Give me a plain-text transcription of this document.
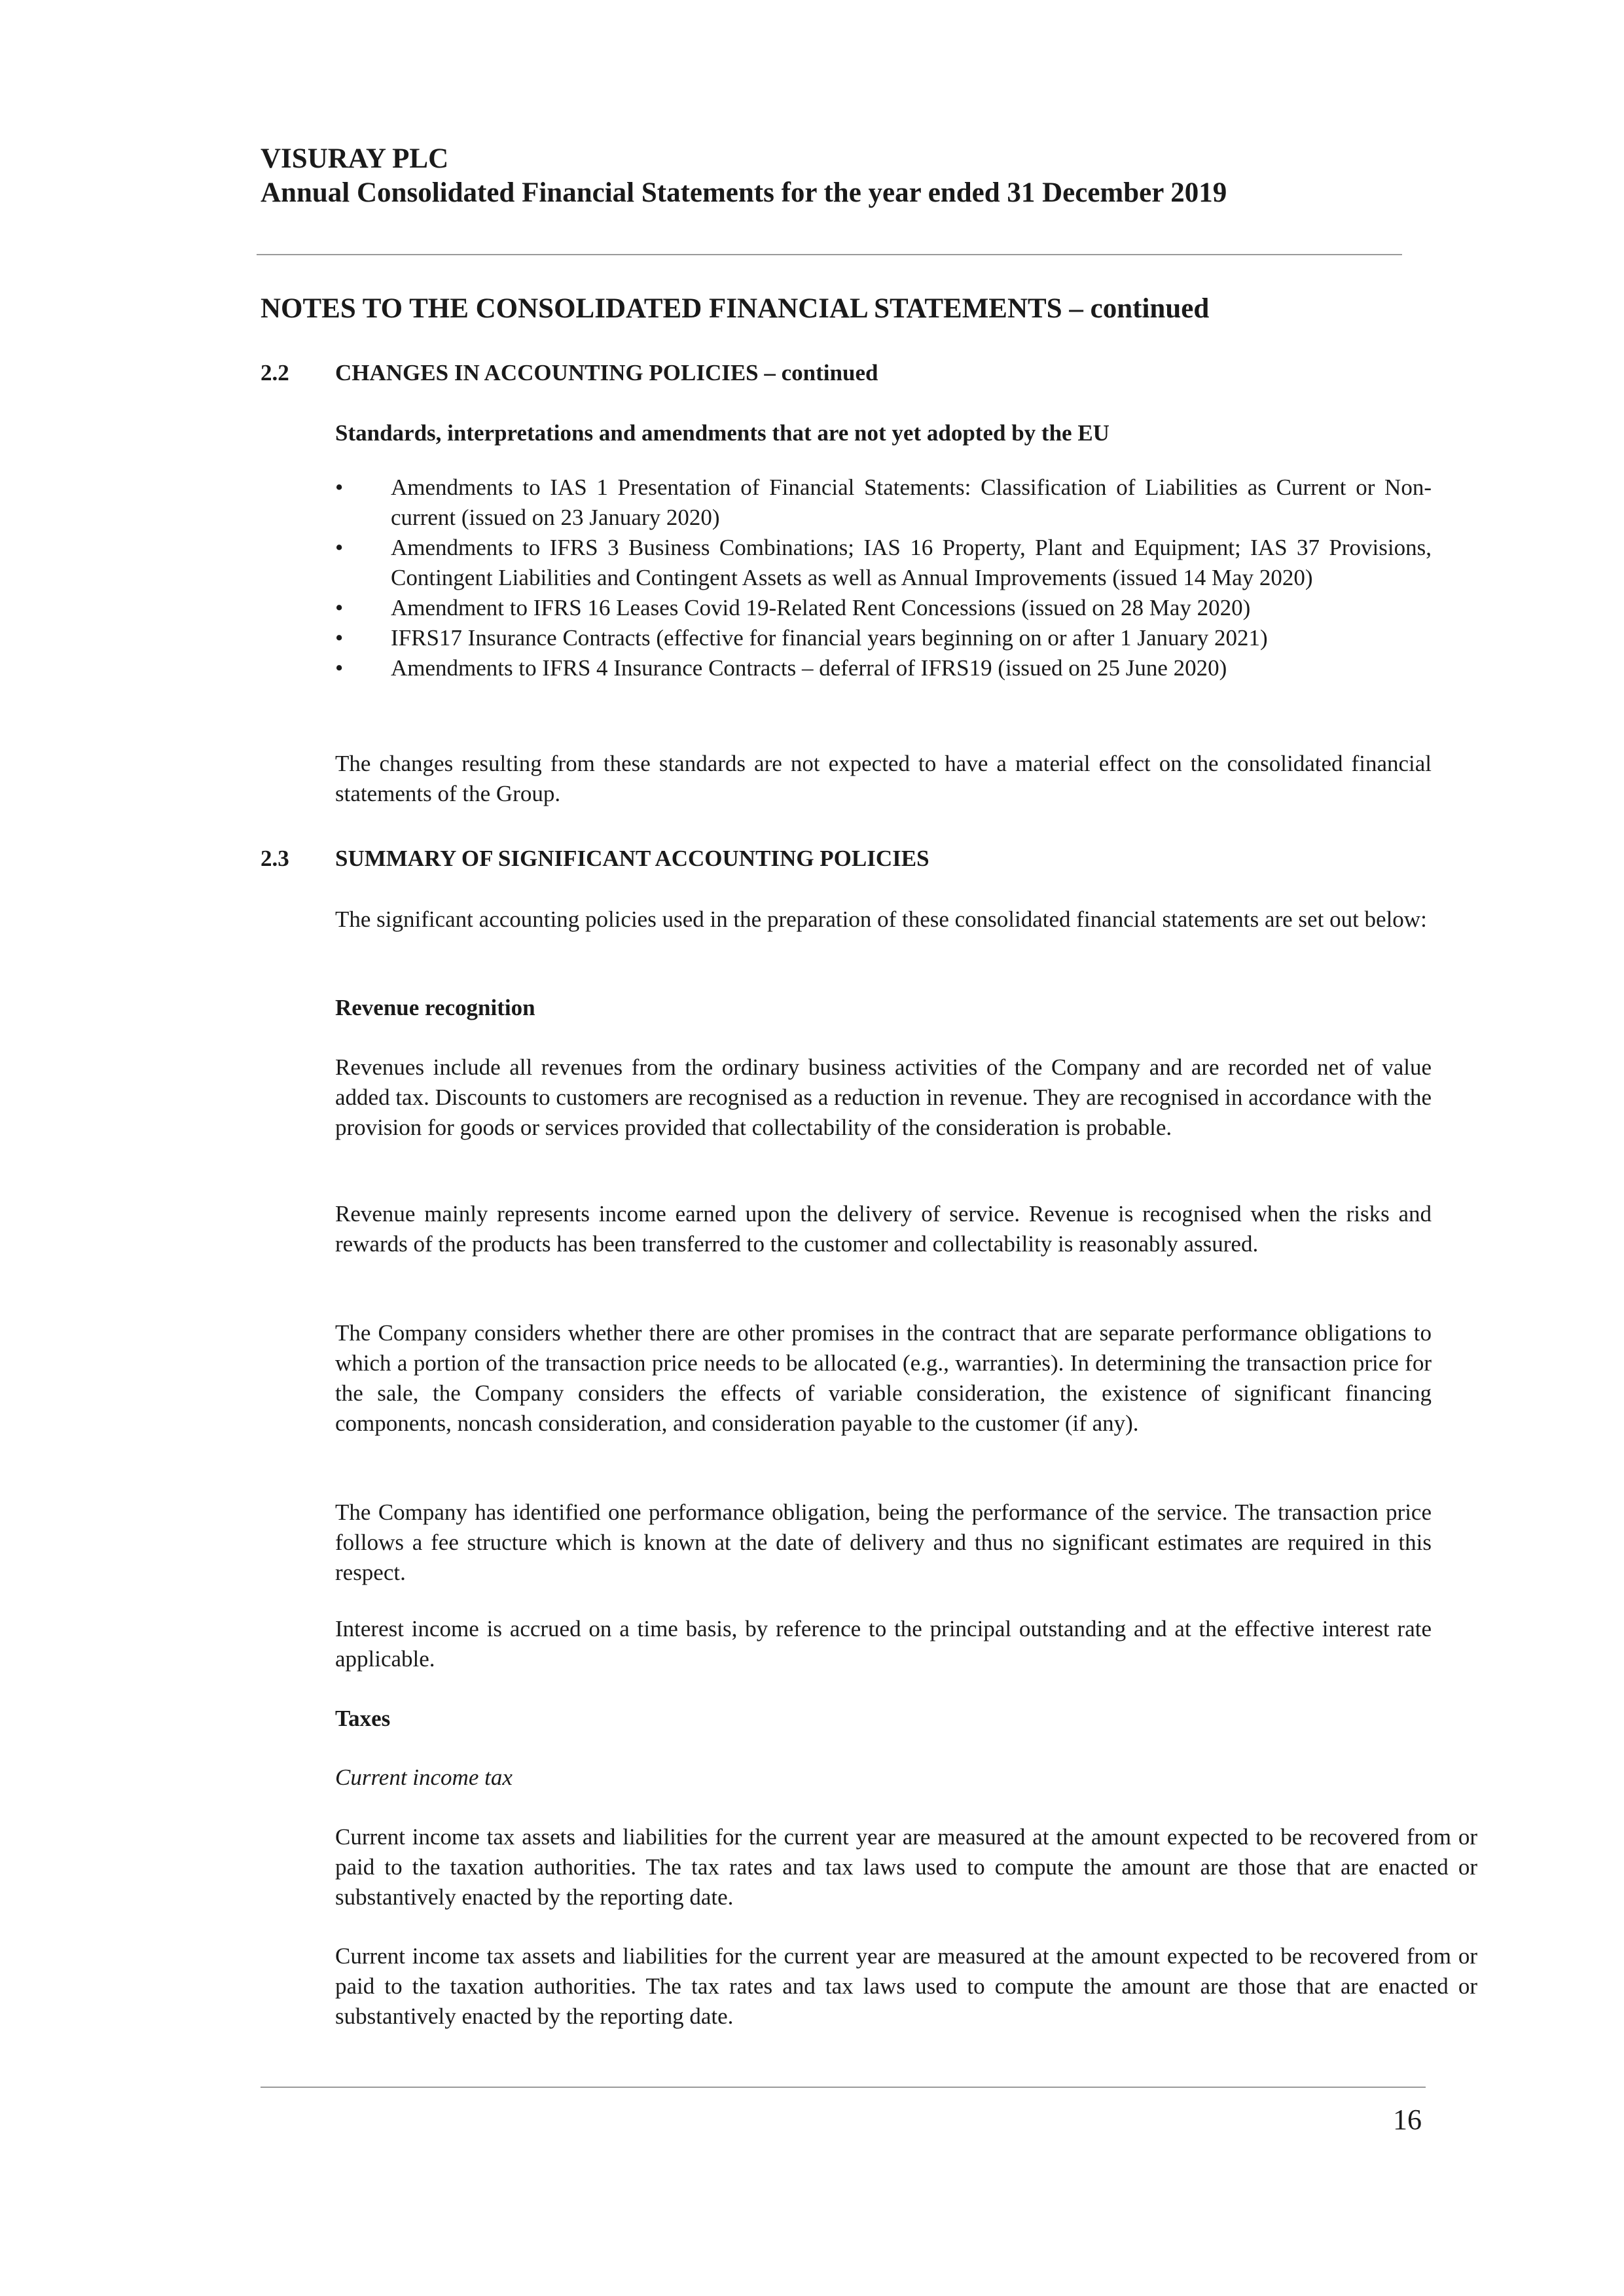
VISURAY PLC
Annual Consolidated Financial Statements for the year ended 31 December 2019
NOTES TO THE CONSOLIDATED FINANCIAL STATEMENTS – continued
2.2 CHANGES IN ACCOUNTING POLICIES – continued

Standards, interpretations and amendments that are not yet adopted by the EU

• Amendments to IAS 1 Presentation of Financial Statements: Classification of Liabilities as Current or Non-current (issued on 23 January 2020)
• Amendments to IFRS 3 Business Combinations; IAS 16 Property, Plant and Equipment; IAS 37 Provisions, Contingent Liabilities and Contingent Assets as well as Annual Improvements (issued 14 May 2020)
• Amendment to IFRS 16 Leases Covid 19-Related Rent Concessions (issued on 28 May 2020)
• IFRS17 Insurance Contracts (effective for financial years beginning on or after 1 January 2021)
• Amendments to IFRS 4 Insurance Contracts – deferral of IFRS19 (issued on 25 June 2020)

The changes resulting from these standards are not expected to have a material effect on the consolidated financial statements of the Group.

2.3 SUMMARY OF SIGNIFICANT ACCOUNTING POLICIES

The significant accounting policies used in the preparation of these consolidated financial statements are set out below:

Revenue recognition

Revenues include all revenues from the ordinary business activities of the Company and are recorded net of value added tax. Discounts to customers are recognised as a reduction in revenue. They are recognised in accordance with the provision for goods or services provided that collectability of the consideration is probable.

Revenue mainly represents income earned upon the delivery of service. Revenue is recognised when the risks and rewards of the products has been transferred to the customer and collectability is reasonably assured.

The Company considers whether there are other promises in the contract that are separate performance obligations to which a portion of the transaction price needs to be allocated (e.g., warranties). In determining the transaction price for the sale, the Company considers the effects of variable consideration, the existence of significant financing components, noncash consideration, and consideration payable to the customer (if any).

The Company has identified one performance obligation, being the performance of the service. The transaction price follows a fee structure which is known at the date of delivery and thus no significant estimates are required in this respect.

Interest income is accrued on a time basis, by reference to the principal outstanding and at the effective interest rate applicable.

Taxes

Current income tax

Current income tax assets and liabilities for the current year are measured at the amount expected to be recovered from or paid to the taxation authorities. The tax rates and tax laws used to compute the amount are those that are enacted or substantively enacted by the reporting date.

Current income tax assets and liabilities for the current year are measured at the amount expected to be recovered from or paid to the taxation authorities. The tax rates and tax laws used to compute the amount are those that are enacted or substantively enacted by the reporting date.

16
